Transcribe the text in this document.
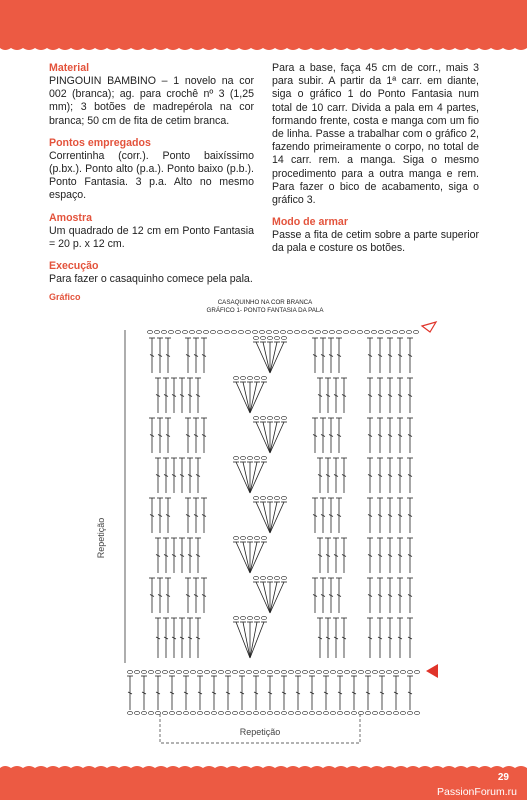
Material

PINGOUIN BAMBINO – 1 novelo na cor 002 (branca); ag. para crochê nº 3 (1,25 mm); 3 botões de madrepérola na cor branca; 50 cm de fita de cetim branca.

Pontos empregados

Correntinha (corr.). Ponto baixíssimo (p.bx.). Ponto alto (p.a.). Ponto baixo (p.b.). Ponto Fantasia. 3 p.a. Alto no mesmo espaço.

Amostra

Um quadrado de 12 cm em Ponto Fantasia = 20 p. x 12 cm.

Execução

Para fazer o casaquinho comece pela pala.

Para a base, faça 45 cm de corr., mais 3 para subir. A partir da 1ª carr. em diante, siga o gráfico 1 do Ponto Fantasia num total de 10 carr. Divida a pala em 4 partes, formando frente, costa e manga com um fio de linha. Passe a trabalhar com o gráfico 2, fazendo primeiramente o corpo, no total de 14 carr. rem. a manga. Siga o mesmo procedimento para a outra manga e rem. Para fazer o bico de acabamento, siga o gráfico 3.

Modo de armar

Passe a fita de cetim sobre a parte superior da pala e costure os botões.

Gráfico
CASAQUINHO NA COR BRANCA
GRÁFICO 1- PONTO FANTASIA DA PALA
Repetição
Repetição
29
PassionForum.ru
